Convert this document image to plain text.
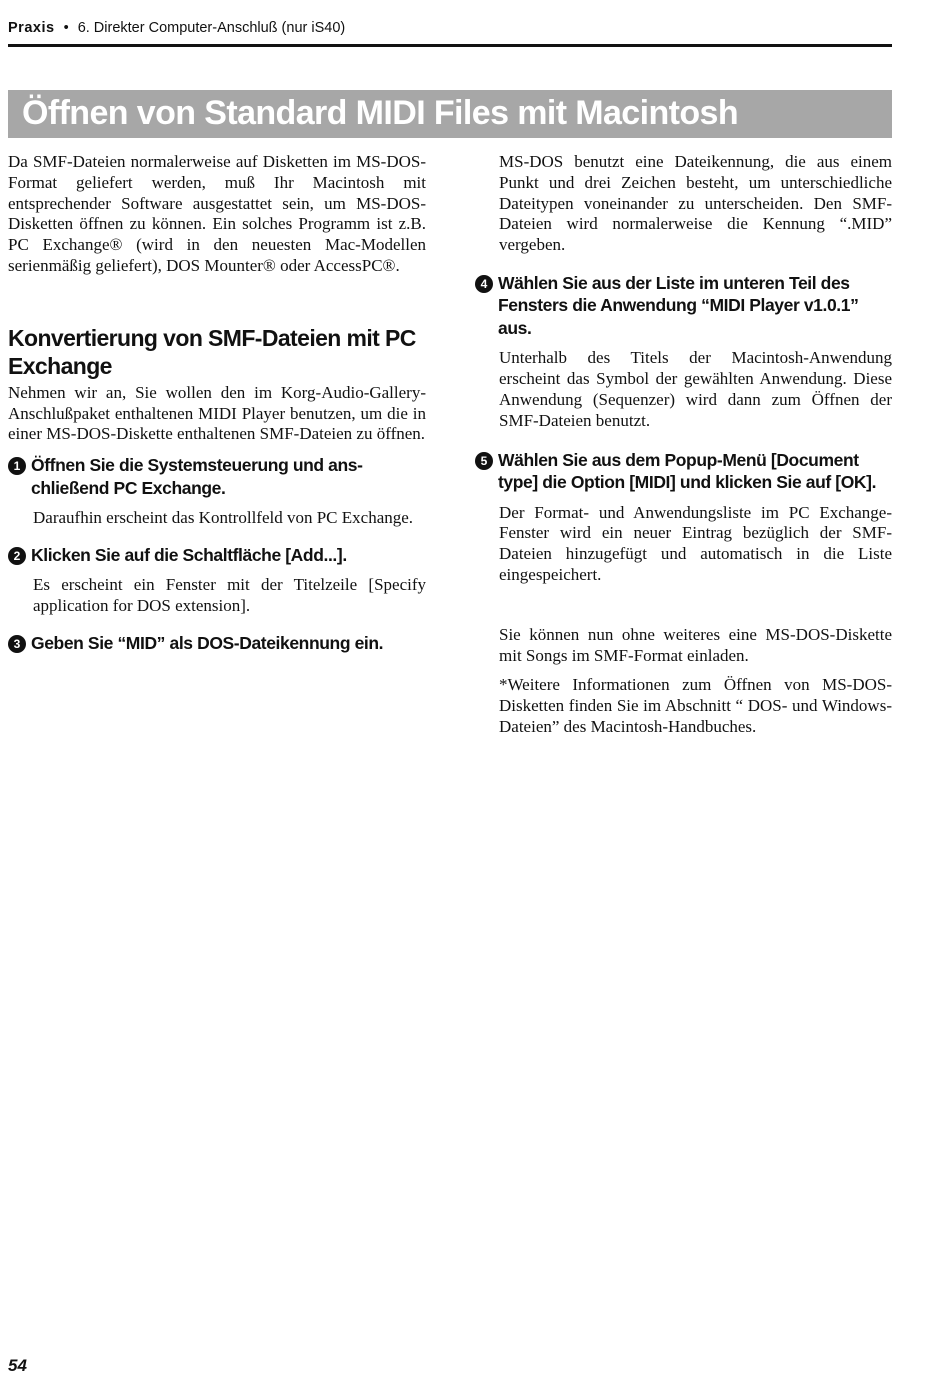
Praxis • 6. Direkter Computer-Anschluß (nur iS40)
Öffnen von Standard MIDI Files mit Macintosh

Da SMF-Dateien normalerweise auf Disketten im MS-DOS-Format geliefert werden, muß Ihr Macintosh mit entsprechender Software ausgestattet sein, um MS-DOS-Disketten öffnen zu können. Ein solches Programm ist z.B. PC Exchange® (wird in den neuesten Mac-Modellen serienmäßig geliefert), DOS Mounter® oder AccessPC®.

Konvertierung von SMF-Dateien mit PC Exchange

Nehmen wir an, Sie wollen den im Korg-Audio-Gallery-Anschlußpaket enthaltenen MIDI Player benutzen, um die in einer MS-DOS-Diskette enthaltenen SMF-Dateien zu öffnen.

1 Öffnen Sie die Systemsteuerung und anschließend PC Exchange.

Daraufhin erscheint das Kontrollfeld von PC Exchange.

2 Klicken Sie auf die Schaltfläche [Add...].

Es erscheint ein Fenster mit der Titelzeile [Specify application for DOS extension].

3 Geben Sie “MID” als DOS-Dateikennung ein.

MS-DOS benutzt eine Dateikennung, die aus einem Punkt und drei Zeichen besteht, um unterschiedliche Dateitypen voneinander zu unterscheiden. Den SMF-Dateien wird normalerweise die Kennung “.MID” vergeben.

4 Wählen Sie aus der Liste im unteren Teil des Fensters die Anwendung “MIDI Player v1.0.1” aus.

Unterhalb des Titels der Macintosh-Anwendung erscheint das Symbol der gewählten Anwendung. Diese Anwendung (Sequenzer) wird dann zum Öffnen der SMF-Dateien benutzt.

5 Wählen Sie aus dem Popup-Menü [Document type] die Option [MIDI] und klicken Sie auf [OK].

Der Format- und Anwendungsliste im PC Exchange-Fenster wird ein neuer Eintrag bezüglich der SMF-Dateien hinzugefügt und automatisch in die Liste eingespeichert.

Sie können nun ohne weiteres eine MS-DOS-Diskette mit Songs im SMF-Format einladen.

*Weitere Informationen zum Öffnen von MS-DOS-Disketten finden Sie im Abschnitt “ DOS- und Windows-Dateien” des Macintosh-Handbuches.

54
